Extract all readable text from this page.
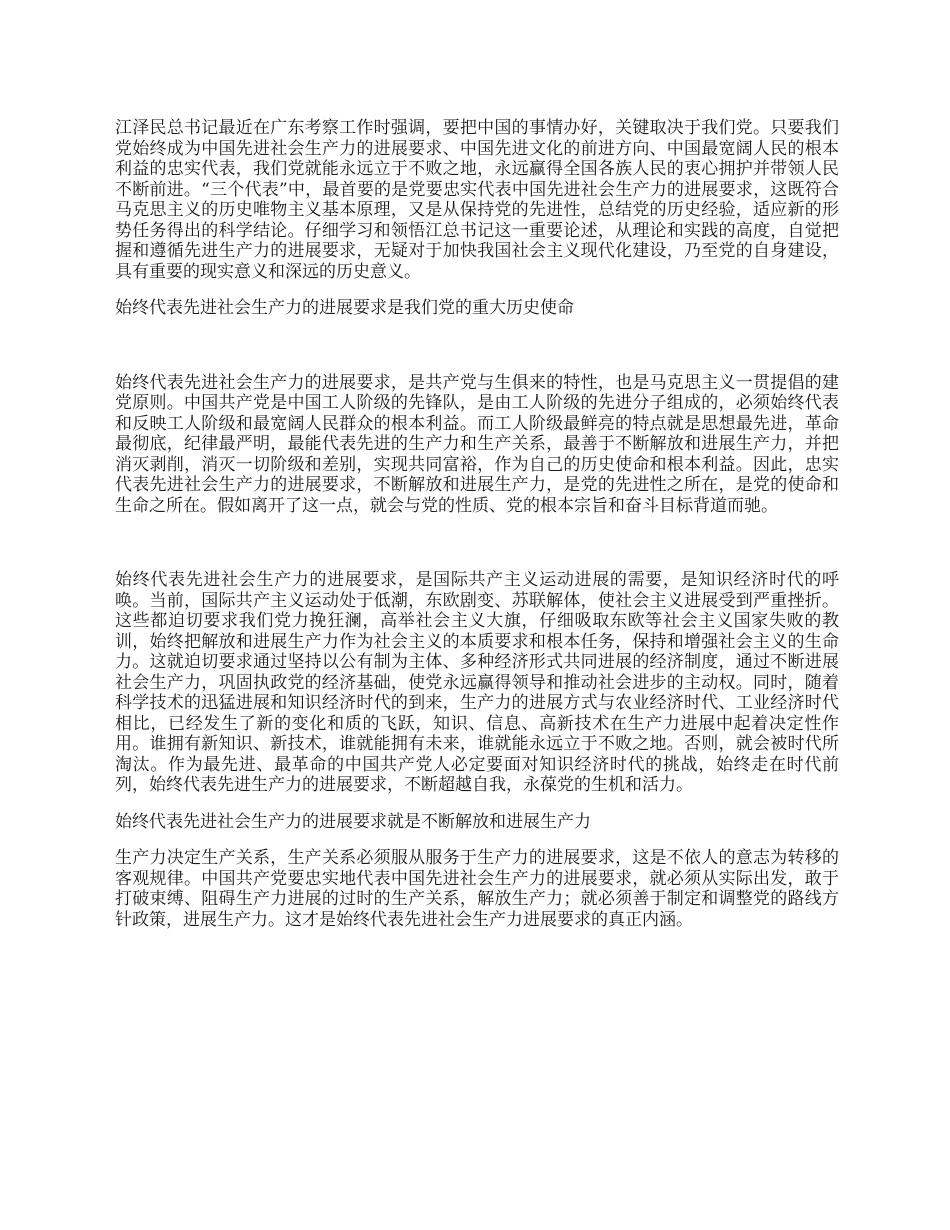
江泽民总书记最近在广东考察工作时强调，要把中国的事情办好，关键取决于我们党。只要我们党始终成为中国先进社会生产力的进展要求、中国先进文化的前进方向、中国最宽阔人民的根本利益的忠实代表，我们党就能永远立于不败之地，永远赢得全国各族人民的衷心拥护并带领人民不断前进。“三个代表”中，最首要的是党要忠实代表中国先进社会生产力的进展要求，这既符合马克思主义的历史唯物主义基本原理，又是从保持党的先进性，总结党的历史经验，适应新的形势任务得出的科学结论。仔细学习和领悟江总书记这一重要论述，从理论和实践的高度，自觉把握和遵循先进生产力的进展要求，无疑对于加快我国社会主义现代化建设，乃至党的自身建设，具有重要的现实意义和深远的历史意义。

始终代表先进社会生产力的进展要求是我们党的重大历史使命

始终代表先进社会生产力的进展要求，是共产党与生俱来的特性，也是马克思主义一贯提倡的建党原则。中国共产党是中国工人阶级的先锋队，是由工人阶级的先进分子组成的，必须始终代表和反映工人阶级和最宽阔人民群众的根本利益。而工人阶级最鲜亮的特点就是思想最先进，革命最彻底，纪律最严明，最能代表先进的生产力和生产关系，最善于不断解放和进展生产力，并把消灭剥削，消灭一切阶级和差别，实现共同富裕，作为自己的历史使命和根本利益。因此，忠实代表先进社会生产力的进展要求，不断解放和进展生产力，是党的先进性之所在，是党的使命和生命之所在。假如离开了这一点，就会与党的性质、党的根本宗旨和奋斗目标背道而驰。

始终代表先进社会生产力的进展要求，是国际共产主义运动进展的需要，是知识经济时代的呼唤。当前，国际共产主义运动处于低潮，东欧剧变、苏联解体，使社会主义进展受到严重挫折。这些都迫切要求我们党力挽狂澜，高举社会主义大旗，仔细吸取东欧等社会主义国家失败的教训，始终把解放和进展生产力作为社会主义的本质要求和根本任务，保持和增强社会主义的生命力。这就迫切要求通过坚持以公有制为主体、多种经济形式共同进展的经济制度，通过不断进展社会生产力，巩固执政党的经济基础，使党永远赢得领导和推动社会进步的主动权。同时，随着科学技术的迅猛进展和知识经济时代的到来，生产力的进展方式与农业经济时代、工业经济时代相比，已经发生了新的变化和质的飞跃，知识、信息、高新技术在生产力进展中起着决定性作用。谁拥有新知识、新技术，谁就能拥有未来，谁就能永远立于不败之地。否则，就会被时代所淘汰。作为最先进、最革命的中国共产党人必定要面对知识经济时代的挑战，始终走在时代前列，始终代表先进生产力的进展要求，不断超越自我，永葆党的生机和活力。

始终代表先进社会生产力的进展要求就是不断解放和进展生产力

生产力决定生产关系，生产关系必须服从服务于生产力的进展要求，这是不依人的意志为转移的客观规律。中国共产党要忠实地代表中国先进社会生产力的进展要求，就必须从实际出发，敢于打破束缚、阻碍生产力进展的过时的生产关系，解放生产力；就必须善于制定和调整党的路线方针政策，进展生产力。这才是始终代表先进社会生产力进展要求的真正内涵。
